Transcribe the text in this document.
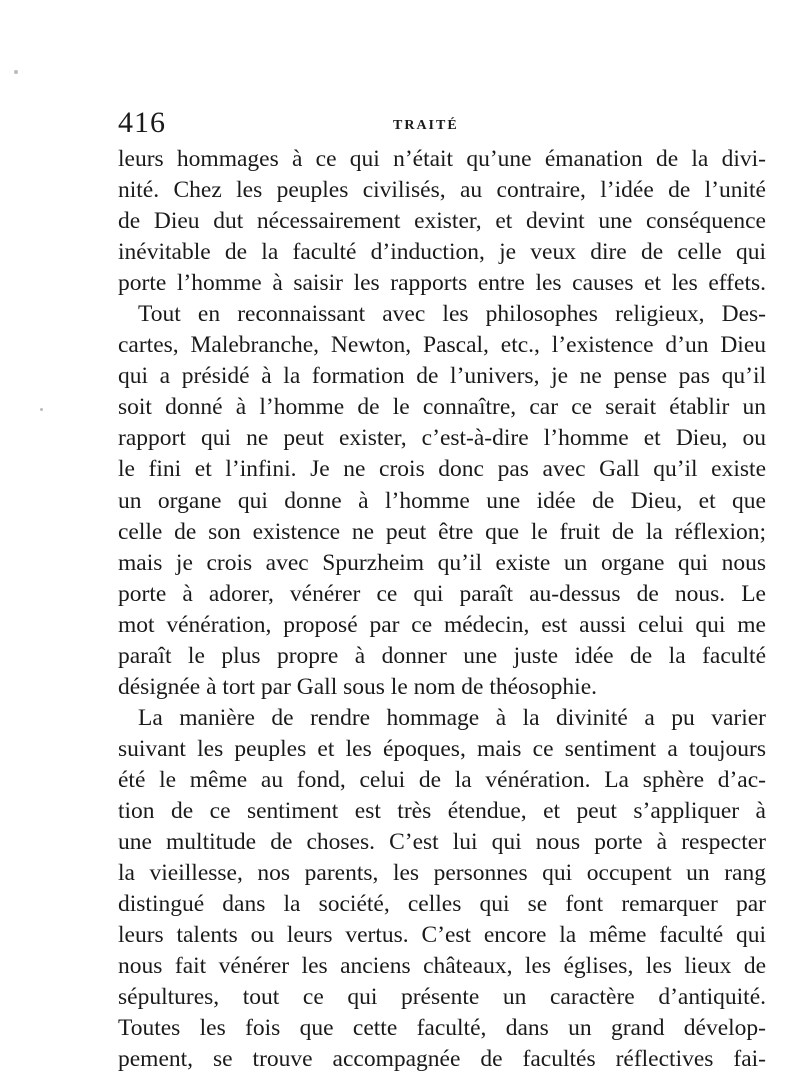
416	TRAITÉ
leurs hommages à ce qui n’était qu’une émanation de la divi-
nité. Chez les peuples civilisés, au contraire, l’idée de l’unité
de Dieu dut nécessairement exister, et devint une conséquence
inévitable de la faculté d’induction, je veux dire de celle qui
porte l’homme à saisir les rapports entre les causes et les effets.
Tout en reconnaissant avec les philosophes religieux, Des-
cartes, Malebranche, Newton, Pascal, etc., l’existence d’un Dieu
qui a présidé à la formation de l’univers, je ne pense pas qu’il
soit donné à l’homme de le connaître, car ce serait établir un
rapport qui ne peut exister, c’est-à-dire l’homme et Dieu, ou
le fini et l’infini. Je ne crois donc pas avec Gall qu’il existe
un organe qui donne à l’homme une idée de Dieu, et que
celle de son existence ne peut être que le fruit de la réflexion;
mais je crois avec Spurzheim qu’il existe un organe qui nous
porte à adorer, vénérer ce qui paraît au-dessus de nous. Le
mot vénération, proposé par ce médecin, est aussi celui qui me
paraît le plus propre à donner une juste idée de la faculté
désignée à tort par Gall sous le nom de théosophie.
La manière de rendre hommage à la divinité a pu varier
suivant les peuples et les époques, mais ce sentiment a toujours
été le même au fond, celui de la vénération. La sphère d’ac-
tion de ce sentiment est très étendue, et peut s’appliquer à
une multitude de choses. C’est lui qui nous porte à respecter
la vieillesse, nos parents, les personnes qui occupent un rang
distingué dans la société, celles qui se font remarquer par
leurs talents ou leurs vertus. C’est encore la même faculté qui
nous fait vénérer les anciens châteaux, les églises, les lieux de
sépultures, tout ce qui présente un caractère d’antiquité.
Toutes les fois que cette faculté, dans un grand dévelop-
pement, se trouve accompagnée de facultés réflectives fai-
